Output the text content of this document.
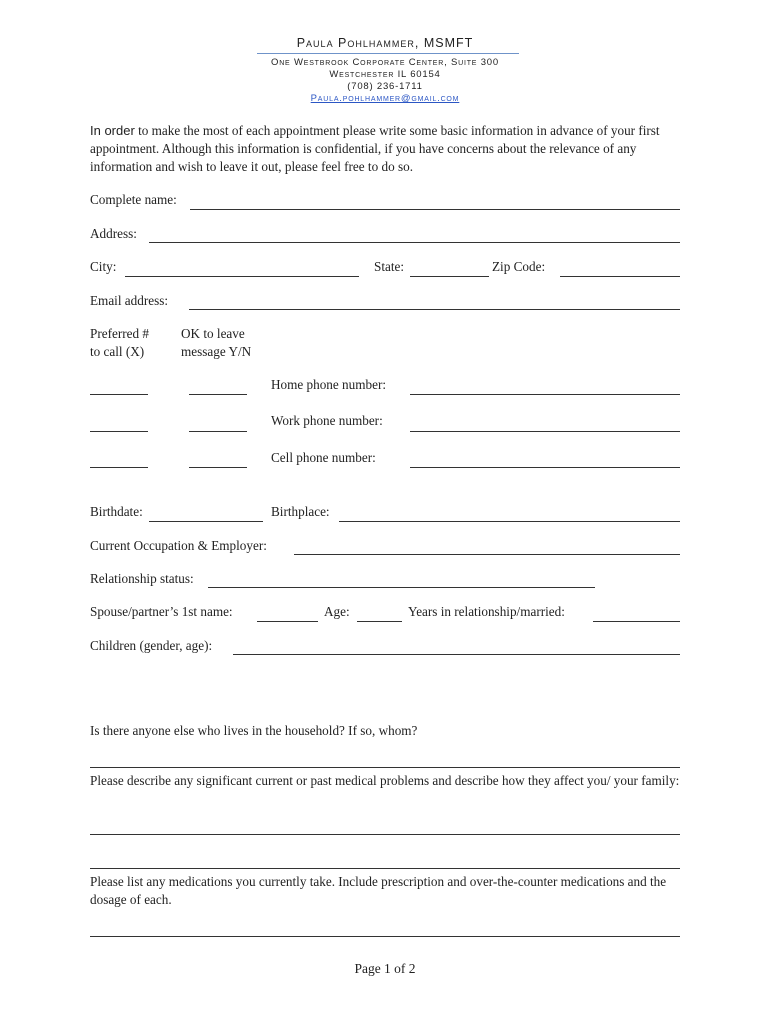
Paula Pohlhammer, MSMFT
One Westbrook Corporate Center, Suite 300
Westchester IL 60154
(708) 236-1711
Paula.pohlhammer@gmail.com
In order to make the most of each appointment please write some basic information in advance of your first appointment. Although this information is confidential, if you have concerns about the relevance of any information and wish to leave it out, please feel free to do so.
Complete name:
Address:
City:	State:	Zip Code:
Email address:
Preferred #
to call (X)
OK to leave
message Y/N
Home phone number:
Work phone number:
Cell phone number:
Birthdate:	Birthplace:
Current Occupation & Employer:
Relationship status:
Spouse/partner’s 1st name:	Age:	Years in relationship/married:
Children (gender, age):
Is there anyone else who lives in the household? If so, whom?
Please describe any significant current or past medical problems and describe how they affect you/ your family:
Please list any medications you currently take. Include prescription and over-the-counter medications and the dosage of each.
Page 1 of 2
